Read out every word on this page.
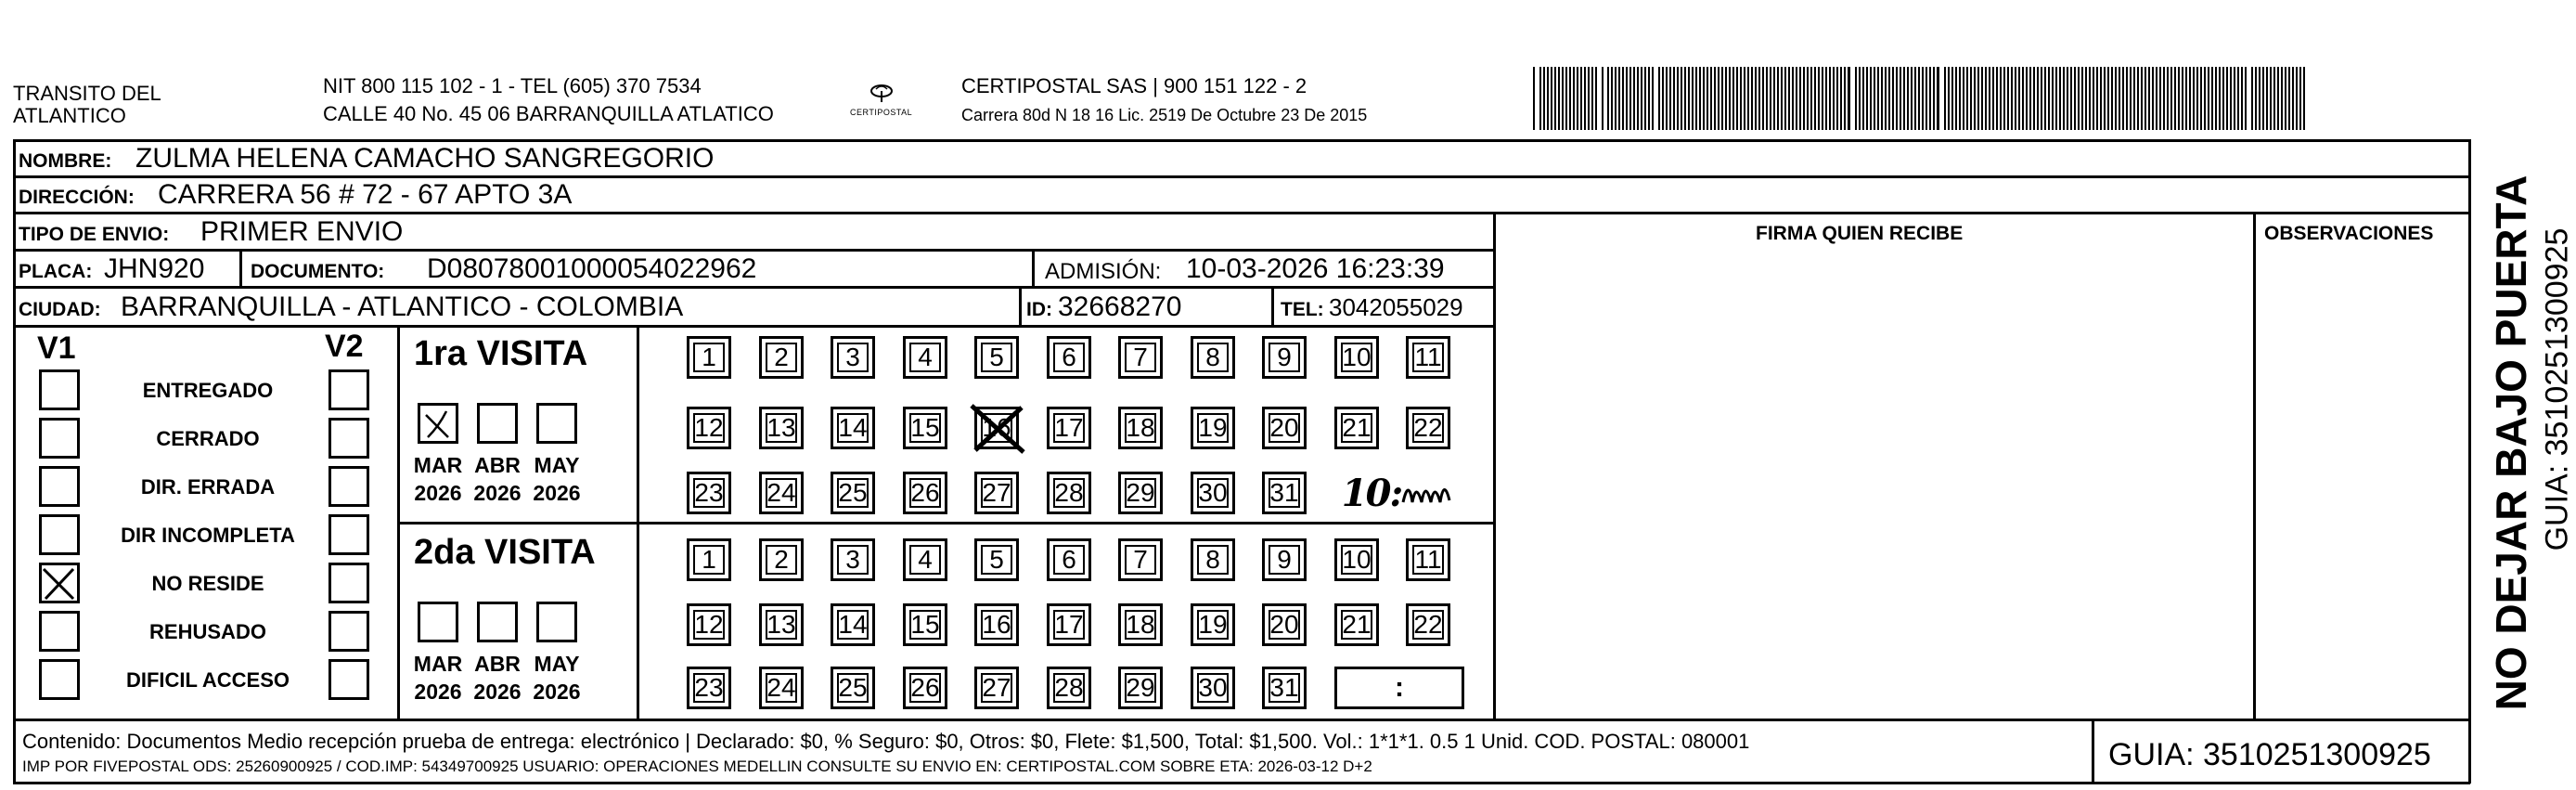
TRANSITO DEL
ATLANTICO
NIT 800 115 102 - 1 - TEL (605) 370 7534
CALLE 40 No. 45 06 BARRANQUILLA ATLATICO	CERTIPOSTAL
CERTIPOSTAL SAS | 900 151 122 - 2
Carrera 80d N 18 16 Lic. 2519 De Octubre 23 De 2015
NOMBRE: ZULMA HELENA CAMACHO SANGREGORIO
DIRECCIÓN: CARRERA 56 # 72 - 67 APTO 3A
TIPO DE ENVIO: PRIMER ENVIO	FIRMA QUIEN RECIBE	OBSERVACIONES
PLACA: JHN920 DOCUMENTO: D08078001000054022962	ADMISIÓN: 10-03-2026 16:23:39
CIUDAD: BARRANQUILLA - ATLANTICO - COLOMBIA	ID: 32668270	TEL: 3042055029
V1	V2 1ra VISITA
2da VISITA
Contenido: Documentos Medio recepción prueba de entrega: electrónico | Declarado: $0, % Seguro: $0, Otros: $0, Flete: $1,500, Total: $1,500. Vol.: 1*1*1. 0.5 1 Unid. COD. POSTAL: 080001
IMP POR FIVEPOSTAL ODS: 25260900925 / COD.IMP: 54349700925 USUARIO: OPERACIONES MEDELLIN CONSULTE SU ENVIO EN: CERTIPOSTAL.COM SOBRE ETA: 2026-03-12 D+2	GUIA: 3510251300925
NO DEJAR BAJO PUERTA GUIA: 3510251300925
ENTREGADO
CERRADO
DIR. ERRADA
DIR INCOMPLETA
NO RESIDE
REHUSADO
DIFICIL ACCESO
MAR
2026
ABR
2026
MAY
2026
MAR
2026
ABR
2026
MAY
2026
1 2 3 4 5 6 7 8 9 10 11
12 13 14 15 16 17 18 19 20 21 22
23 24 25 26 27 28 29 30 31 10:
1 2 3 4 5 6 7 8 9 10 11
12 13 14 15 16 17 18 19 20 21 22
23 24 25 26 27 28 29 30 31	:
